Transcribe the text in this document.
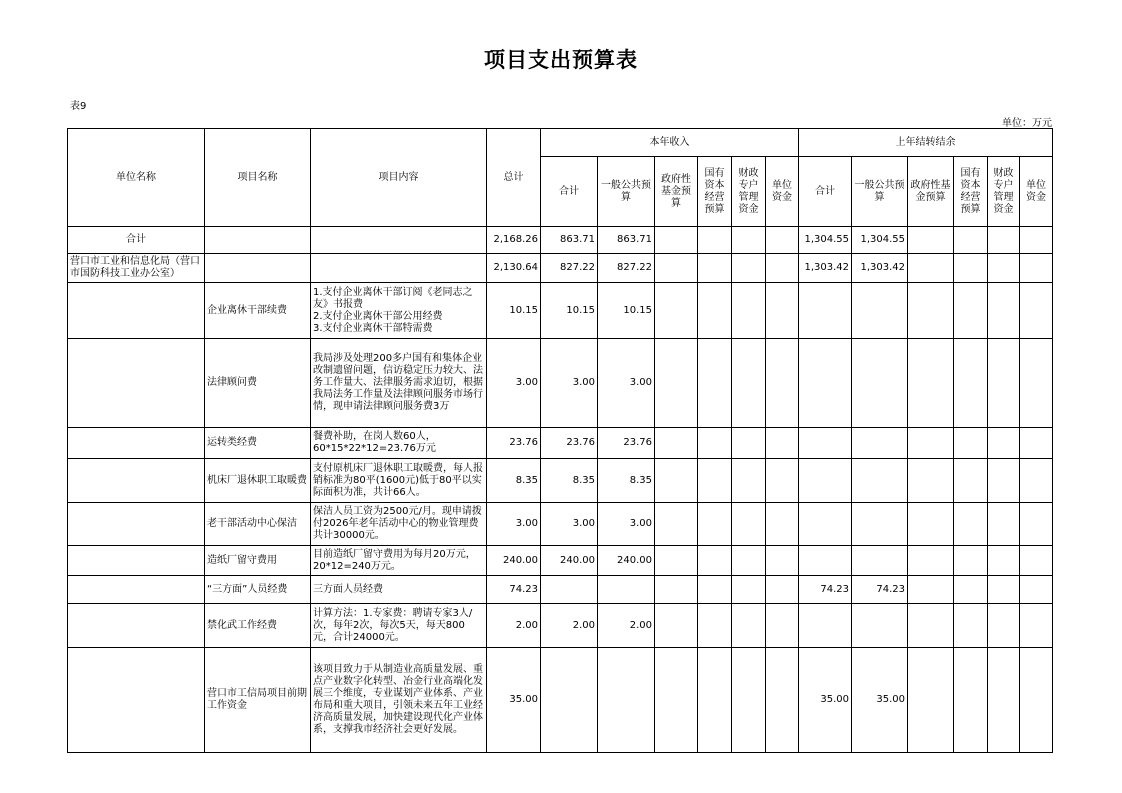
项目支出预算表
表9
单位：万元
单位名称	项目名称	项目内容	总计	本年收入						上年结转结余					
				合计	一般公共预算	政府性基金预算	国有资本经营预算	财政专户管理资金	单位资金	合计	一般公共预算	政府性基金预算	国有资本经营预算	财政专户管理资金	单位资金
合计			2,168.26	863.71	863.71					1,304.55	1,304.55				
营口市工业和信息化局（营口市国防科技工业办公室）			2,130.64	827.22	827.22					1,303.42	1,303.42				
	企业离休干部续费	1.支付企业离休干部订阅《老同志之友》书报费
2.支付企业离休干部公用经费
3.支付企业离休干部特需费	10.15	10.15	10.15										
	法律顾问费	我局涉及处理200多户国有和集体企业改制遗留问题，信访稳定压力较大、法务工作量大、法律服务需求迫切，根据我局法务工作量及法律顾问服务市场行情，现申请法律顾问服务费3万	3.00	3.00	3.00										
	运转类经费	餐费补助，在岗人数60人，
60*15*22*12=23.76万元	23.76	23.76	23.76										
	机床厂退休职工取暖费	支付原机床厂退休职工取暖费，每人报销标准为80平(1600元)低于80平以实际面积为准，共计66人。	8.35	8.35	8.35										
	老干部活动中心保洁	保洁人员工资为2500元/月。现申请拨付2026年老年活动中心的物业管理费共计30000元。	3.00	3.00	3.00										
	造纸厂留守费用	目前造纸厂留守费用为每月20万元，20*12=240万元。	240.00	240.00	240.00										
	“三方面”人员经费	三方面人员经费	74.23							74.23	74.23				
	禁化武工作经费	计算方法：1.专家费：聘请专家3人/次，每年2次，每次5天，每天800元，合计24000元。	2.00	2.00	2.00										
	营口市工信局项目前期工作资金	该项目致力于从制造业高质量发展、重点产业数字化转型、冶金行业高端化发展三个维度，专业谋划产业体系、产业布局和重大项目，引领未来五年工业经济高质量发展，加快建设现代化产业体系，支撑我市经济社会更好发展。	35.00							35.00	35.00				
